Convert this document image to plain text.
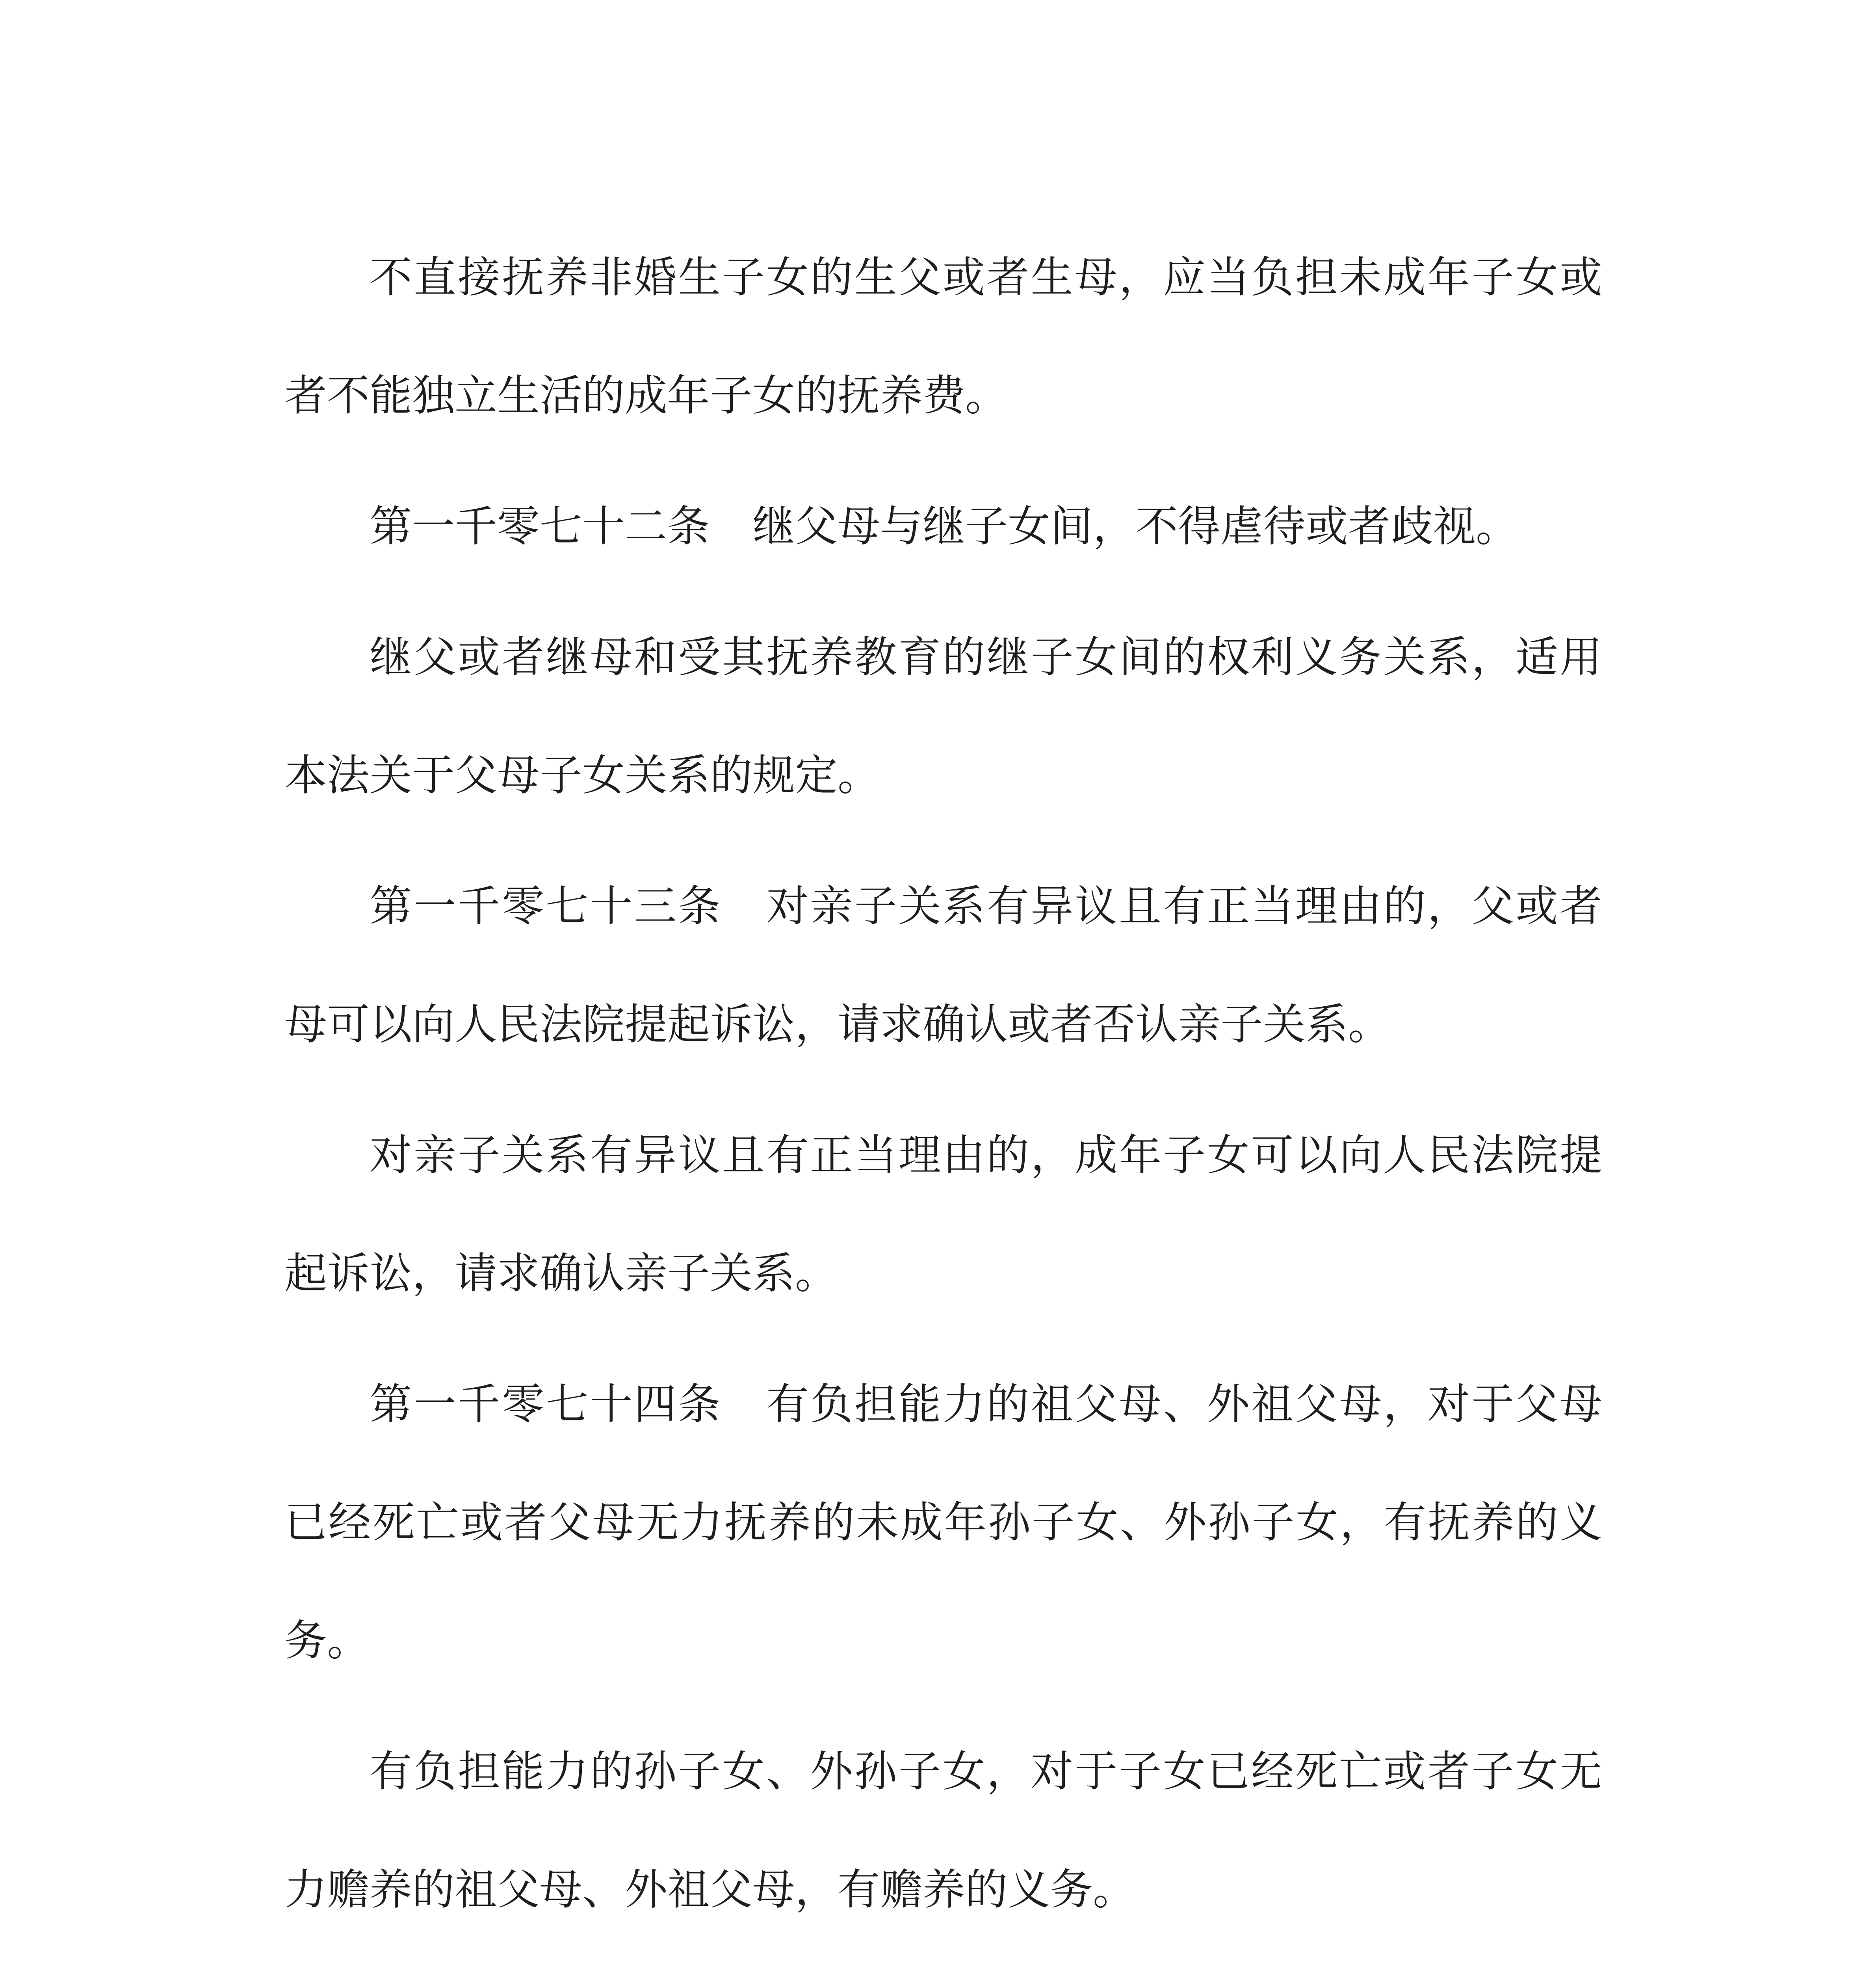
不直接抚养非婚生子女的生父或者生母，应当负担未成年子女或者不能独立生活的成年子女的抚养费。

第一千零七十二条　继父母与继子女间，不得虐待或者歧视。

继父或者继母和受其抚养教育的继子女间的权利义务关系，适用本法关于父母子女关系的规定。

第一千零七十三条　对亲子关系有异议且有正当理由的，父或者母可以向人民法院提起诉讼，请求确认或者否认亲子关系。

对亲子关系有异议且有正当理由的，成年子女可以向人民法院提起诉讼，请求确认亲子关系。

第一千零七十四条　有负担能力的祖父母、外祖父母，对于父母已经死亡或者父母无力抚养的未成年孙子女、外孙子女，有抚养的义务。

有负担能力的孙子女、外孙子女，对于子女已经死亡或者子女无力赡养的祖父母、外祖父母，有赡养的义务。
